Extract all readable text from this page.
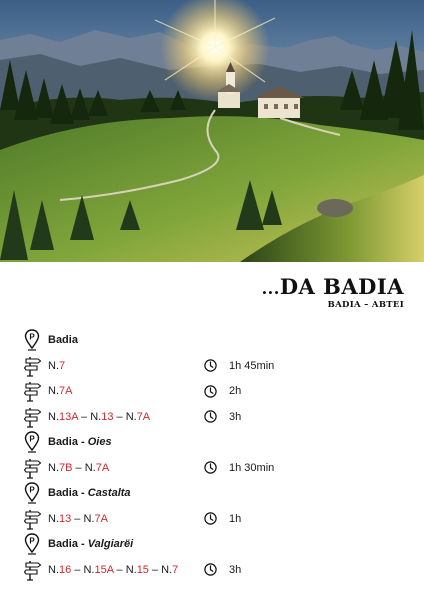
...DA BADIA
BADIA – ABTEI
P Badia
N.7	1h 45min
N.7A	2h
N.13A – N.13 – N.7A	3h
P Badia - Oies
N.7B – N.7A	1h 30min
P Badia - Castalta
N.13 – N.7A	1h
P Badia - Valgiarëi
N.16 – N.15A – N.15 – N.7	3h
